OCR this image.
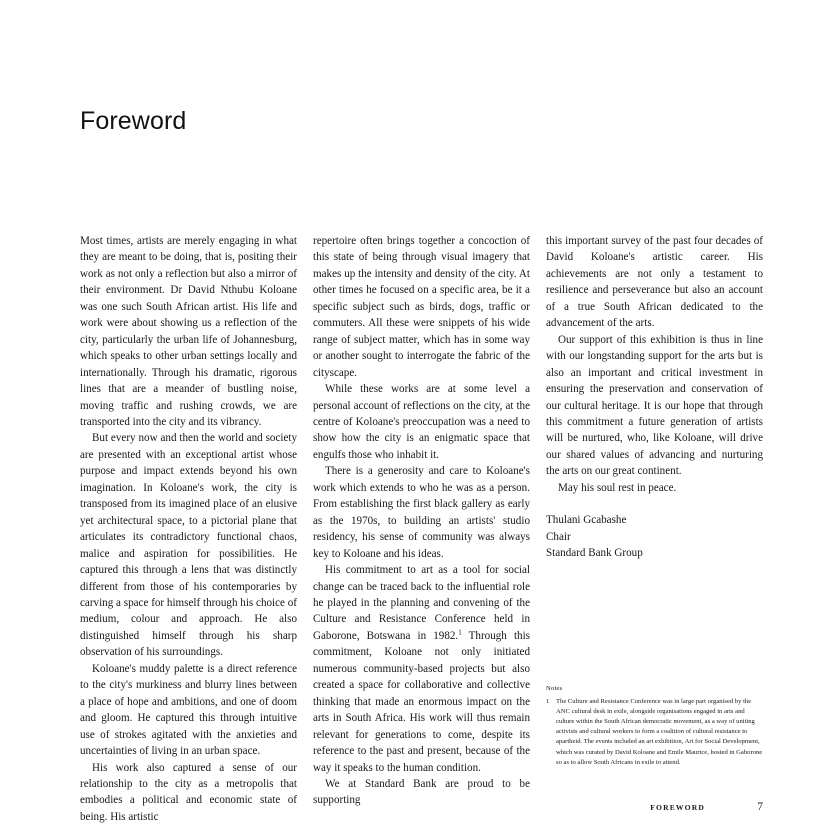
Foreword

Most times, artists are merely engaging in what they are meant to be doing, that is, positing their work as not only a reflection but also a mirror of their environment. Dr David Nthubu Koloane was one such South African artist. His life and work were about showing us a reflection of the city, particularly the urban life of Johannesburg, which speaks to other urban settings locally and internationally. Through his dramatic, rigorous lines that are a meander of bustling noise, moving traffic and rushing crowds, we are transported into the city and its vibrancy.

But every now and then the world and society are presented with an exceptional artist whose purpose and impact extends beyond his own imagination. In Koloane's work, the city is transposed from its imagined place of an elusive yet architectural space, to a pictorial plane that articulates its contradictory functional chaos, malice and aspiration for possibilities. He captured this through a lens that was distinctly different from those of his contemporaries by carving a space for himself through his choice of medium, colour and approach. He also distinguished himself through his sharp observation of his surroundings.

Koloane's muddy palette is a direct reference to the city's murkiness and blurry lines between a place of hope and ambitions, and one of doom and gloom. He captured this through intuitive use of strokes agitated with the anxieties and uncertainties of living in an urban space.

His work also captured a sense of our relationship to the city as a metropolis that embodies a political and economic state of being. His artistic

repertoire often brings together a concoction of this state of being through visual imagery that makes up the intensity and density of the city. At other times he focused on a specific area, be it a specific subject such as birds, dogs, traffic or commuters. All these were snippets of his wide range of subject matter, which has in some way or another sought to interrogate the fabric of the cityscape.

While these works are at some level a personal account of reflections on the city, at the centre of Koloane's preoccupation was a need to show how the city is an enigmatic space that engulfs those who inhabit it.

There is a generosity and care to Koloane's work which extends to who he was as a person. From establishing the first black gallery as early as the 1970s, to building an artists' studio residency, his sense of community was always key to Koloane and his ideas.

His commitment to art as a tool for social change can be traced back to the influential role he played in the planning and convening of the Culture and Resistance Conference held in Gaborone, Botswana in 1982.$^1$ Through this commitment, Koloane not only initiated numerous community-based projects but also created a space for collaborative and collective thinking that made an enormous impact on the arts in South Africa. His work will thus remain relevant for generations to come, despite its reference to the past and present, because of the way it speaks to the human condition.

We at Standard Bank are proud to be supporting

this important survey of the past four decades of David Koloane's artistic career. His achievements are not only a testament to resilience and perseverance but also an account of a true South African dedicated to the advancement of the arts.

Our support of this exhibition is thus in line with our longstanding support for the arts but is also an important and critical investment in ensuring the preservation and conservation of our cultural heritage. It is our hope that through this commitment a future generation of artists will be nurtured, who, like Koloane, will drive our shared values of advancing and nurturing the arts on our great continent.

May his soul rest in peace.

Thulani Gcabashe
Chair
Standard Bank Group
Notes
1	The Culture and Resistance Conference was in large part organised by the ANC cultural desk in exile, alongside organisations engaged in arts and culture within the South African democratic movement, as a way of uniting activists and cultural workers to form a coalition of cultural resistance to apartheid. The events included an art exhibition, Art for Social Development, which was curated by David Koloane and Emile Maurice, hosted in Gaborone so as to allow South Africans in exile to attend.
FOREWORD	7
